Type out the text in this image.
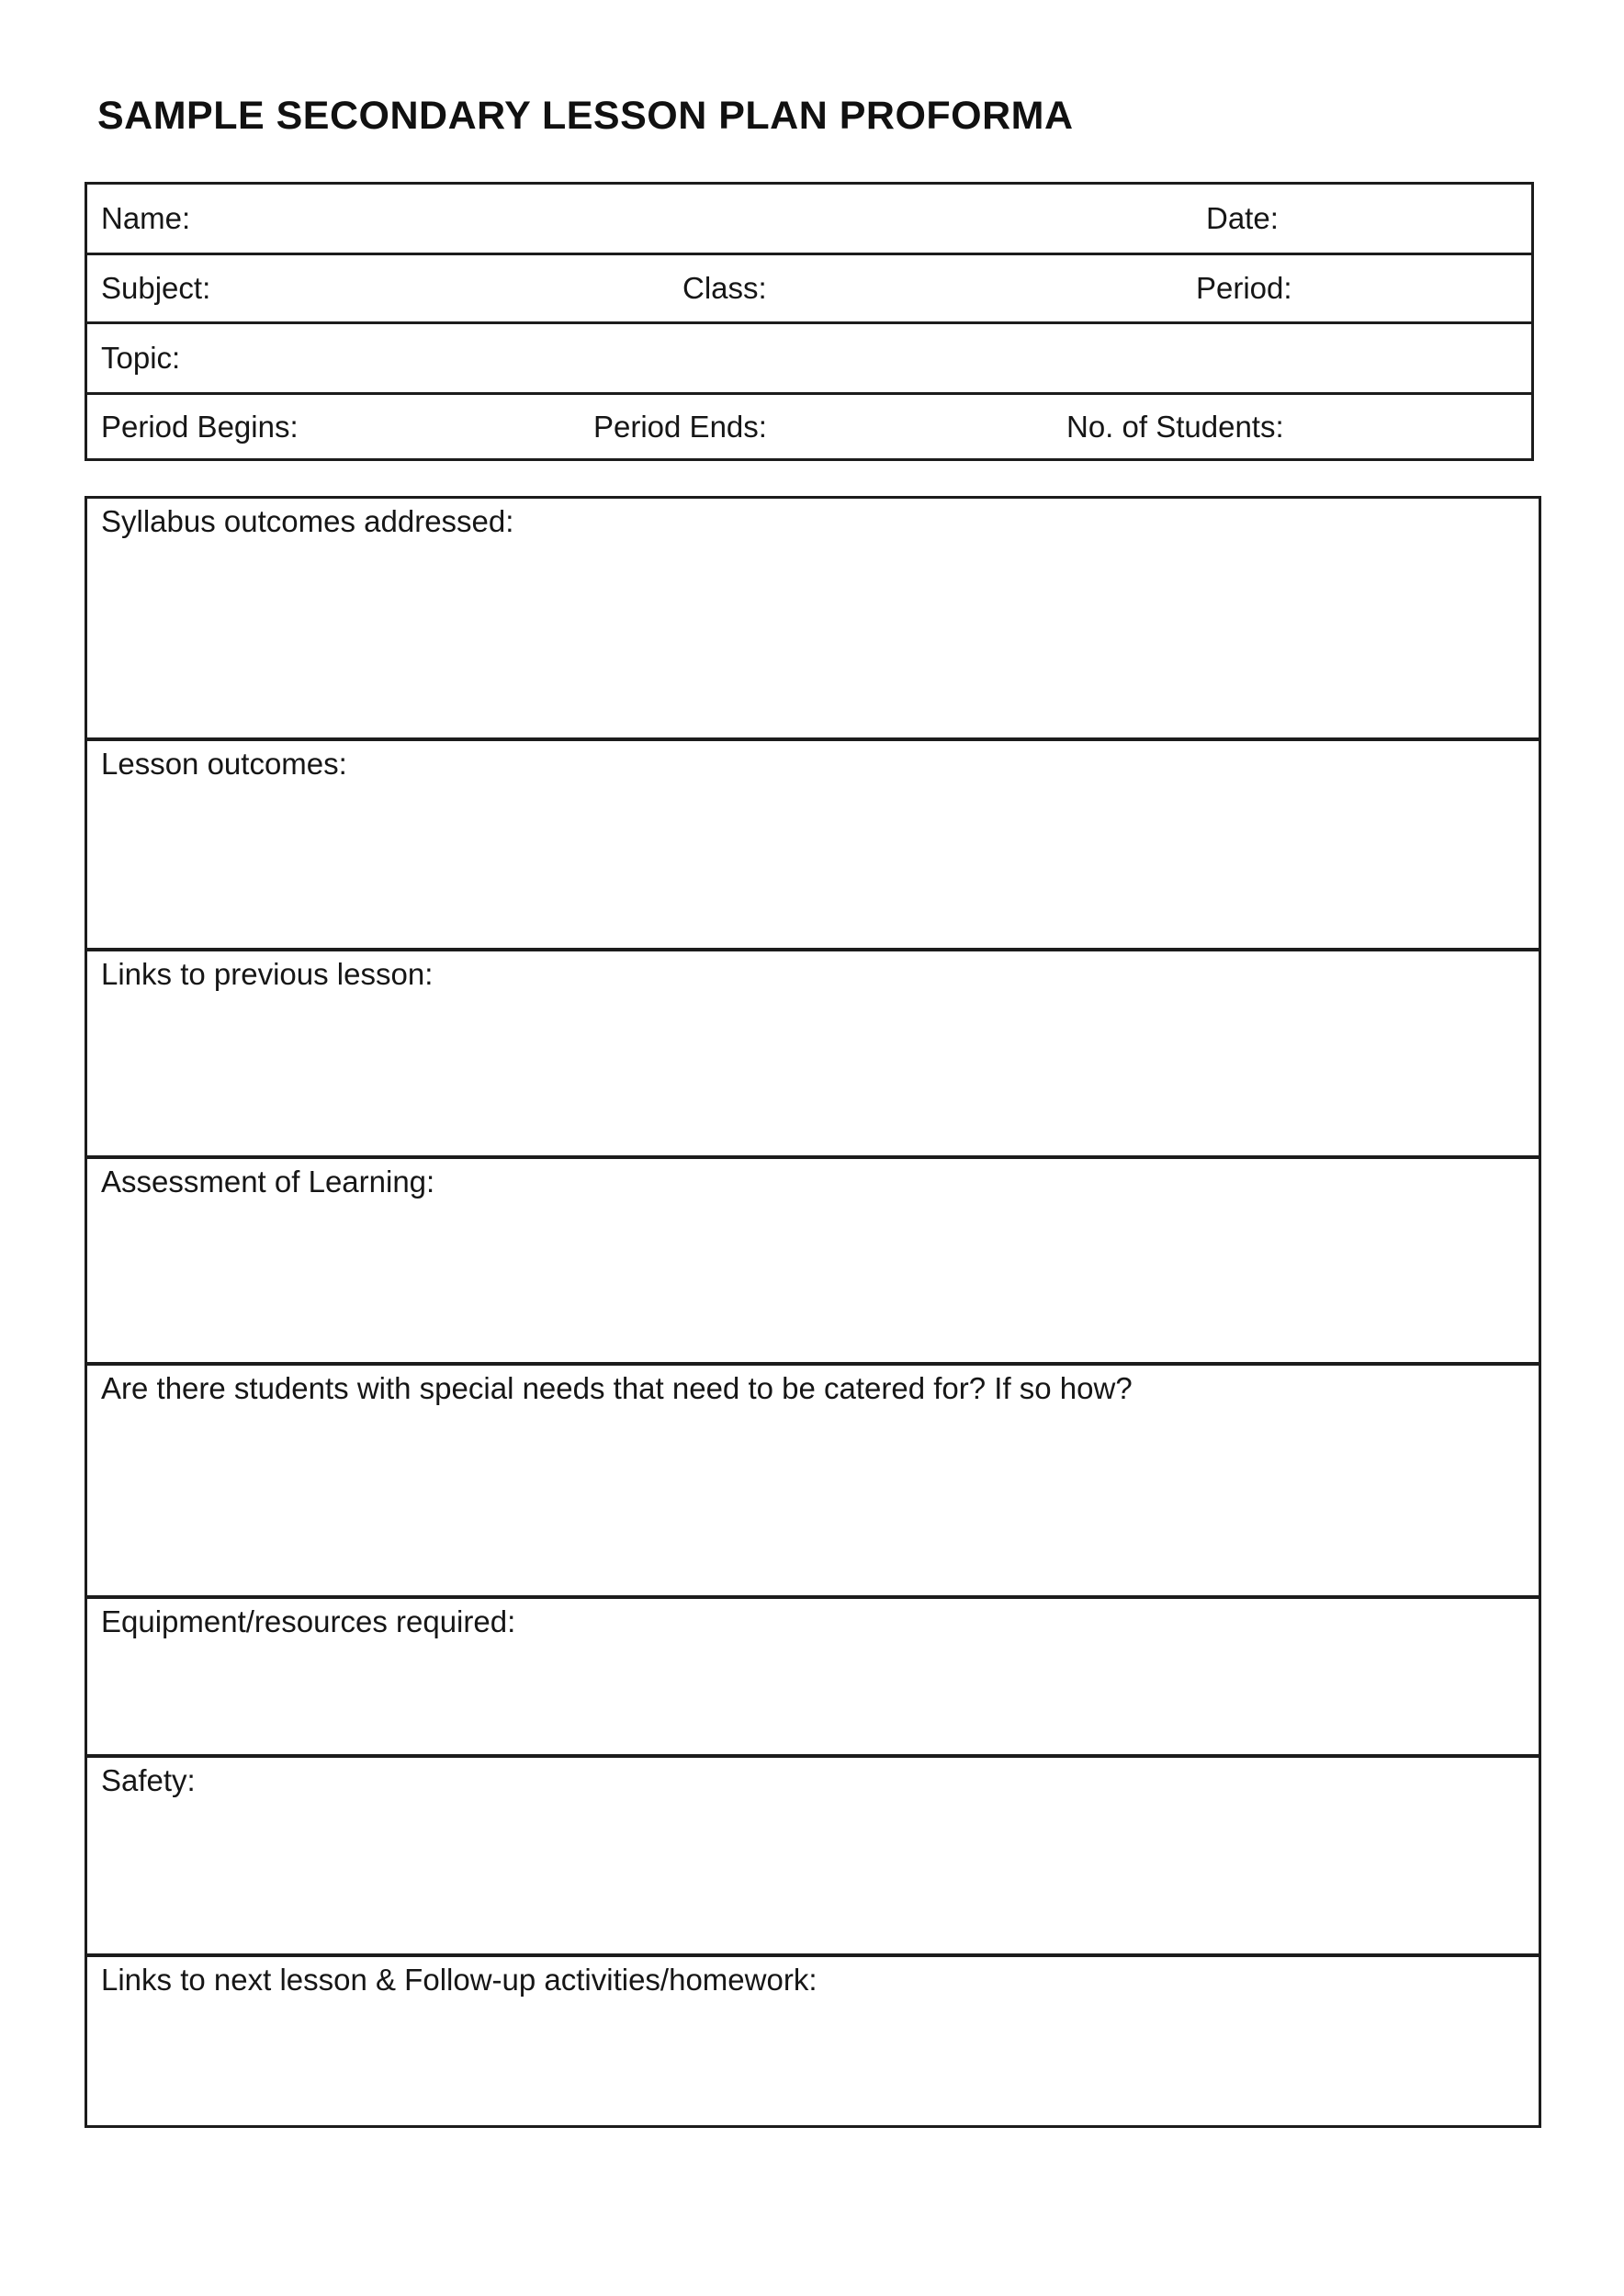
SAMPLE SECONDARY LESSON PLAN PROFORMA
Name:	Date:
Subject:	Class:	Period:
Topic:
Period Begins:	Period Ends:	No. of Students:
Syllabus outcomes addressed:
Lesson outcomes:
Links to previous lesson:
Assessment of Learning:
Are there students with special needs that need to be catered for? If so how?
Equipment/resources required:
Safety:
Links to next lesson & Follow-up activities/homework:
